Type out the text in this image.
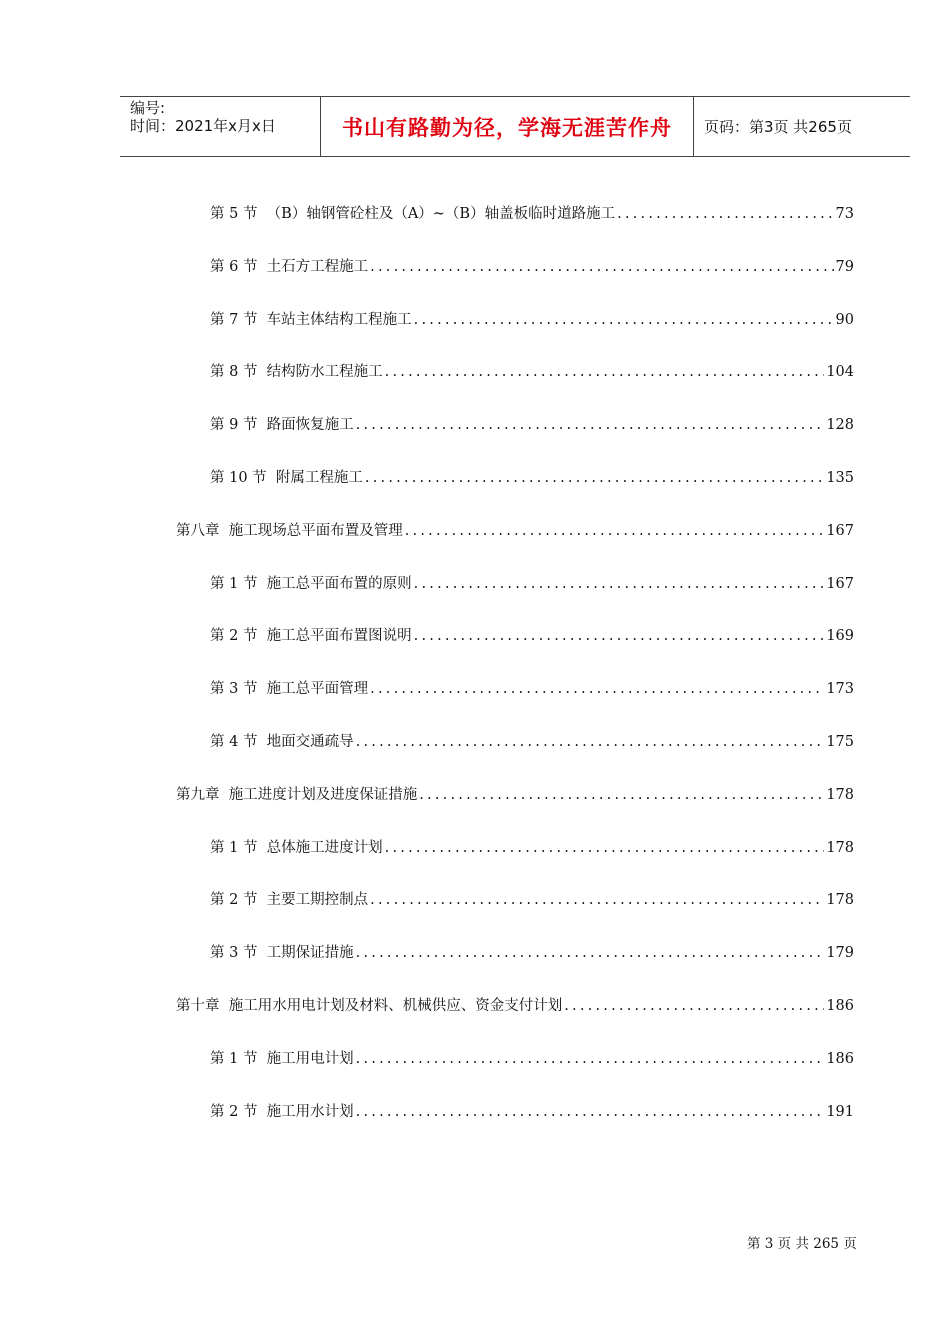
编号:
时间：2021年x月x日	书山有路勤为径，学海无涯苦作舟	页码：第3页 共265页
第 5 节  （B）轴钢管砼柱及（A）~（B）轴盖板临时道路施工 .....	73
第 6 节  土石方工程施工 .....	79
第 7 节  车站主体结构工程施工 .....	90
第 8 节  结构防水工程施工 .....	104
第 9 节  路面恢复施工 .....	128
第 10 节  附属工程施工 .....	135
第八章  施工现场总平面布置及管理 .....	167
第 1 节  施工总平面布置的原则 .....	167
第 2 节  施工总平面布置图说明 .....	169
第 3 节  施工总平面管理 .....	173
第 4 节  地面交通疏导 .....	175
第九章  施工进度计划及进度保证措施 .....	178
第 1 节  总体施工进度计划 .....	178
第 2 节  主要工期控制点 .....	178
第 3 节  工期保证措施 .....	179
第十章  施工用水用电计划及材料、机械供应、资金支付计划 .....	186
第 1 节  施工用电计划 .....	186
第 2 节  施工用水计划 .....	191
第 3 页 共 265 页
